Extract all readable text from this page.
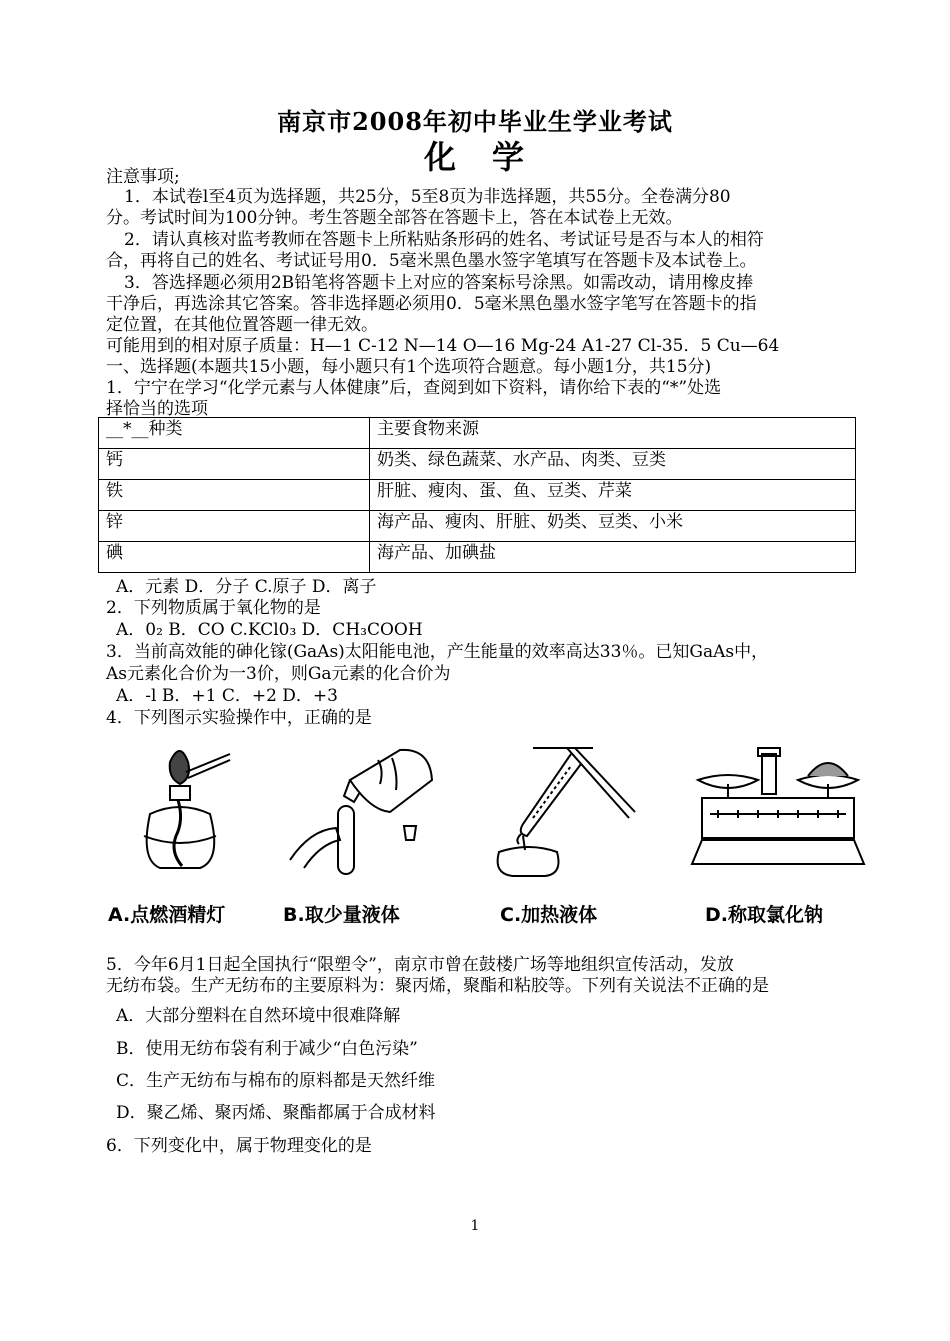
南京市2008年初中毕业生学业考试
化　学
注意事项;
1．本试卷l至4页为选择题，共25分，5至8页为非选择题，共55分。全卷满分80
分。考试时间为100分钟。考生答题全部答在答题卡上，答在本试卷上无效。
2．请认真核对监考教师在答题卡上所粘贴条形码的姓名、考试证号是否与本人的相符
合，再将自己的姓名、考试证号用0．5毫米黑色墨水签字笔填写在答题卡及本试卷上。
3．答选择题必须用2B铅笔将答题卡上对应的答案标号涂黑。如需改动，请用橡皮捧
干净后，再选涂其它答案。答非选择题必须用0．5毫米黑色墨水签字笔写在答题卡的指
定位置，在其他位置答题一律无效。
可能用到的相对原子质量：H—1 C-12 N—14 O—16 Mg-24 A1-27 Cl-35．5 Cu—64
一、选择题(本题共15小题，每小题只有1个选项符合题意。每小题1分，共15分)
1．宁宁在学习“化学元素与人体健康”后，查阅到如下资料，请你给下表的“*”处选
择恰当的选项
__*__种类	主要食物来源
钙	奶类、绿色蔬菜、水产品、肉类、豆类
铁	肝脏、瘦肉、蛋、鱼、豆类、芹菜
锌	海产品、瘦肉、肝脏、奶类、豆类、小米
碘	海产品、加碘盐
A．元素 D．分子 C.原子 D．离子
2．下列物质属于氧化物的是
A．0₂ B．CO C.KCl0₃ D．CH₃COOH
3．当前高效能的砷化镓(GaAs)太阳能电池，产生能量的效率高达33％。已知GaAs中，
As元素化合价为一3价，则Ga元素的化合价为
A．-l B．+1 C．+2 D．+3
4．下列图示实验操作中，正确的是
A.点燃酒精灯	B.取少量液体	C.加热液体	D.称取氯化钠
5．今年6月1日起全国执行“限塑令”，南京市曾在鼓楼广场等地组织宣传活动，发放
无纺布袋。生产无纺布的主要原料为：聚丙烯，聚酯和粘胶等。下列有关说法不正确的是
A．大部分塑料在自然环境中很难降解
B．使用无纺布袋有利于减少“白色污染”
C．生产无纺布与棉布的原料都是天然纤维
D．聚乙烯、聚丙烯、聚酯都属于合成材料
6．下列变化中，属于物理变化的是
1
